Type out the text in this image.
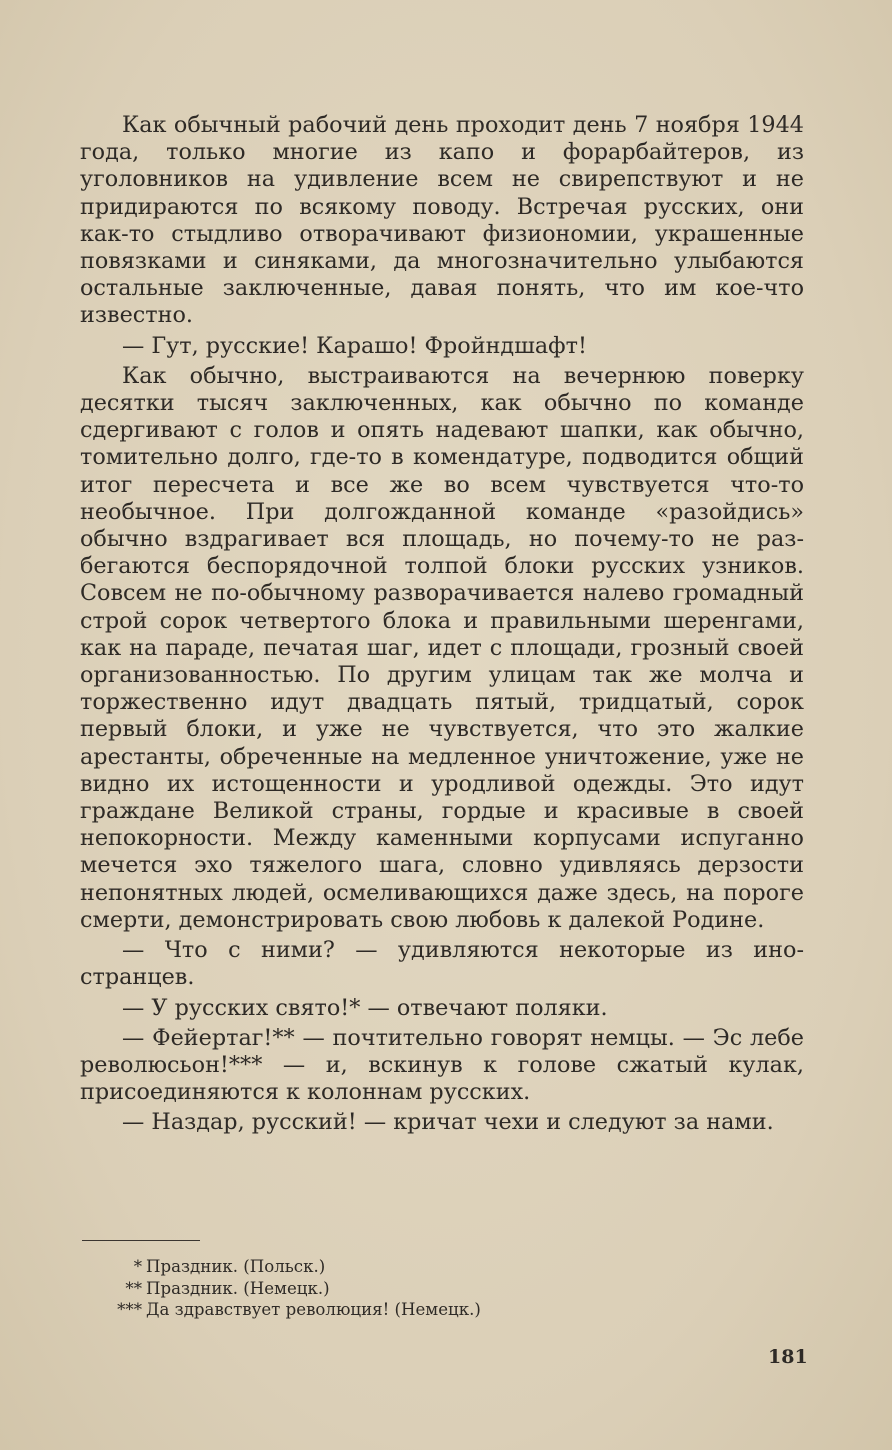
Как обычный рабочий день проходит день 7 ноября 1944 года, только многие из капо и форарбайтеров, из уголовников на удивление всем не свирепствуют и не придираются по всякому поводу. Встречая русских, они как-то стыдливо отворачивают физиономии, украшенные повязками и синяками, да многозначительно улыбаются остальные заключенные, давая понять, что им кое-что известно.

— Гут, русские! Карашо! Фройндшафт!

Как обычно, выстраиваются на вечернюю поверку десятки тысяч заключенных, как обычно по команде сдергивают с голов и опять надевают шапки, как обычно, томительно долго, где-то в комендатуре, подводится общий итог пересчета и все же во всем чувствуется что-то необычное. При долгожданной команде «разойдись» обычно вздрагивает вся площадь, но почему-то не разбегаются беспорядочной толпой блоки русских узников. Совсем не по-обычному разворачивается налево громадный строй сорок четвертого блока и правильными шеренгами, как на параде, печатая шаг, идет с площади, грозный своей организованностью. По другим улицам так же молча и торжественно идут двадцать пятый, тридцатый, сорок первый блоки, и уже не чувствуется, что это жалкие арестанты, обреченные на медленное уничтожение, уже не видно их истощенности и уродливой одежды. Это идут граждане Великой страны, гордые и красивые в своей непокорности. Между каменными корпусами испуганно мечется эхо тяжелого шага, словно удивляясь дерзости непонятных людей, осмеливающихся даже здесь, на пороге смерти, демонстрировать свою любовь к далекой Родине.

— Что с ними? — удивляются некоторые из иностранцев.

— У русских свято!* — отвечают поляки.

— Фейертаг!** — почтительно говорят немцы. — Эс лебе революсьон!*** — и, вскинув к голове сжатый кулак, присоединяются к колоннам русских.

— Наздар, русский! — кричат чехи и следуют за нами.

* Праздник. (Польск.)
** Праздник. (Немецк.)
*** Да здравствует революция! (Немецк.)
181
